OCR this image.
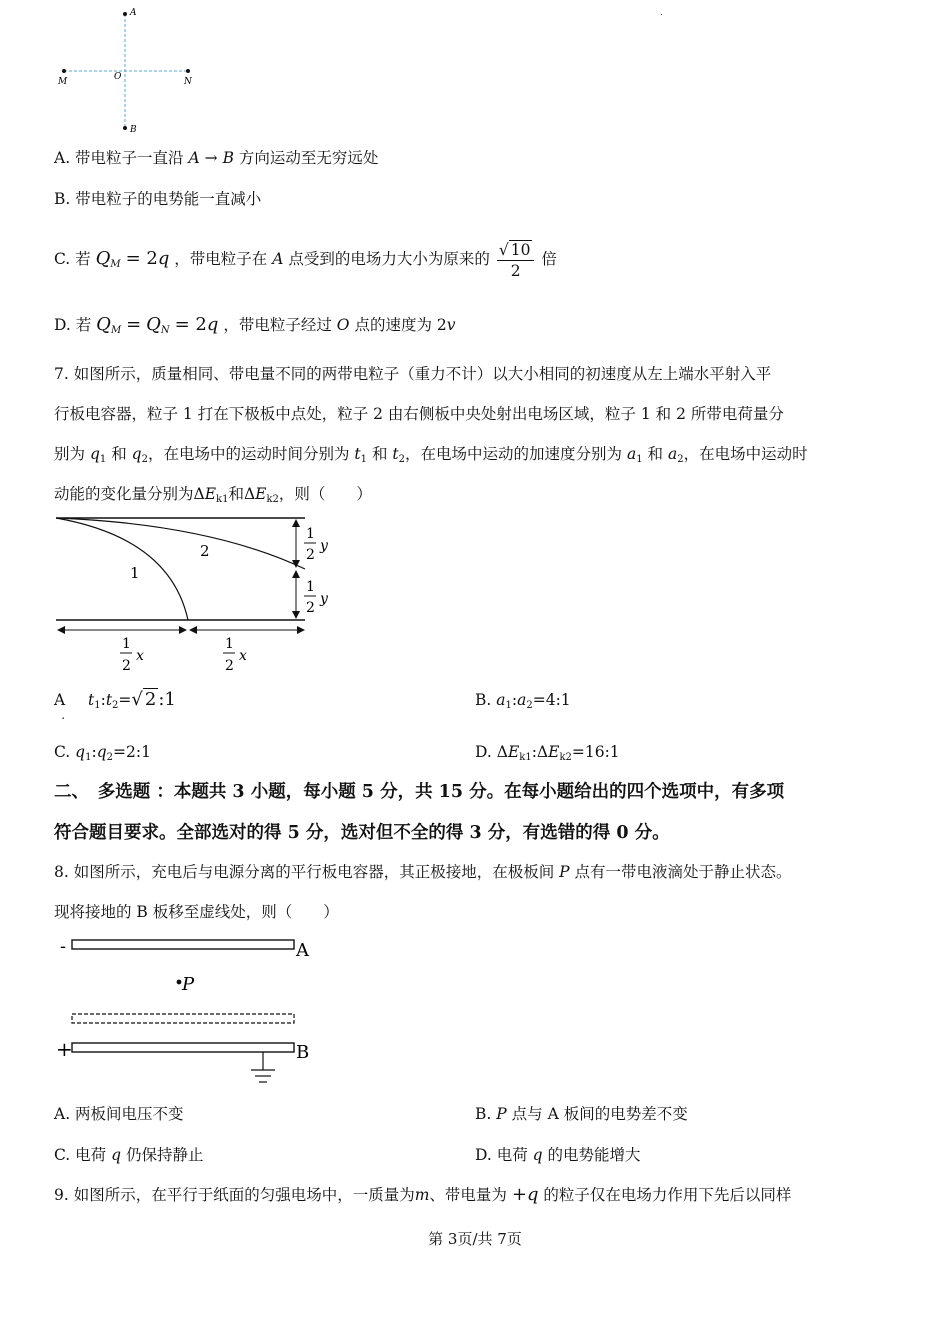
A
B
M	N
O
.
A. 带电粒子一直沿 A → B 方向运动至无穷远处
B. 带电粒子的电势能一直减小
C. 若 $Q_M = 2q$ ，带电粒子在 A 点受到的电场力大小为原来的 $\frac{√ 10}{2}$ 倍
D. 若 $Q_M = Q_N = 2q$ ，带电粒子经过 O 点的速度为 2v
7. 如图所示，质量相同、带电量不同的两带电粒子（重力不计）以大小相同的初速度从左上端水平射入平
行板电容器，粒子 1 打在下极板中点处，粒子 2 由右侧板中央处射出电场区域，粒子 1 和 2 所带电荷量分
别为 $q_1$ 和 $q_2$，在电场中的运动时间分别为 $t_1$ 和 $t_2$，在电场中运动的加速度分别为 $a_1$ 和 $a_2$，在电场中运动时
动能的变化量分别为$\Delta E_{k1}$和$\Delta E_{k2}$，则（　　）
1
2
1
2
y
1
2
y
1
2
x
1
2
x
$A_.$ $t_1:t_2=√$ 2 :1	B. $a_1:a_2=4:1$
C. $q_1:q_2=2:1$	D. $\Delta E_{k1}:\Delta E_{k2}=16:1$
二、　多选题 ：本题共 3 小题，每小题 5 分，共 15 分。在每小题给出的四个选项中，有多项
符合题目要求。全部选对的得 5 分，选对但不全的得 3 分，有选错的得 0 分。
8. 如图所示，充电后与电源分离的平行板电容器，其正极接地，在极板间 P 点有一带电液滴处于静止状态。
现将接地的 B 板移至虚线处，则（　　）
-	A
P
+	B
A. 两板间电压不变	B. P 点与 A 板间的电势差不变
C. 电荷 q 仍保持静止	D. 电荷 q 的电势能增大
9. 如图所示，在平行于纸面的匀强电场中，一质量为m、带电量为 +q 的粒子仅在电场力作用下先后以同样
第 3页/共 7页
